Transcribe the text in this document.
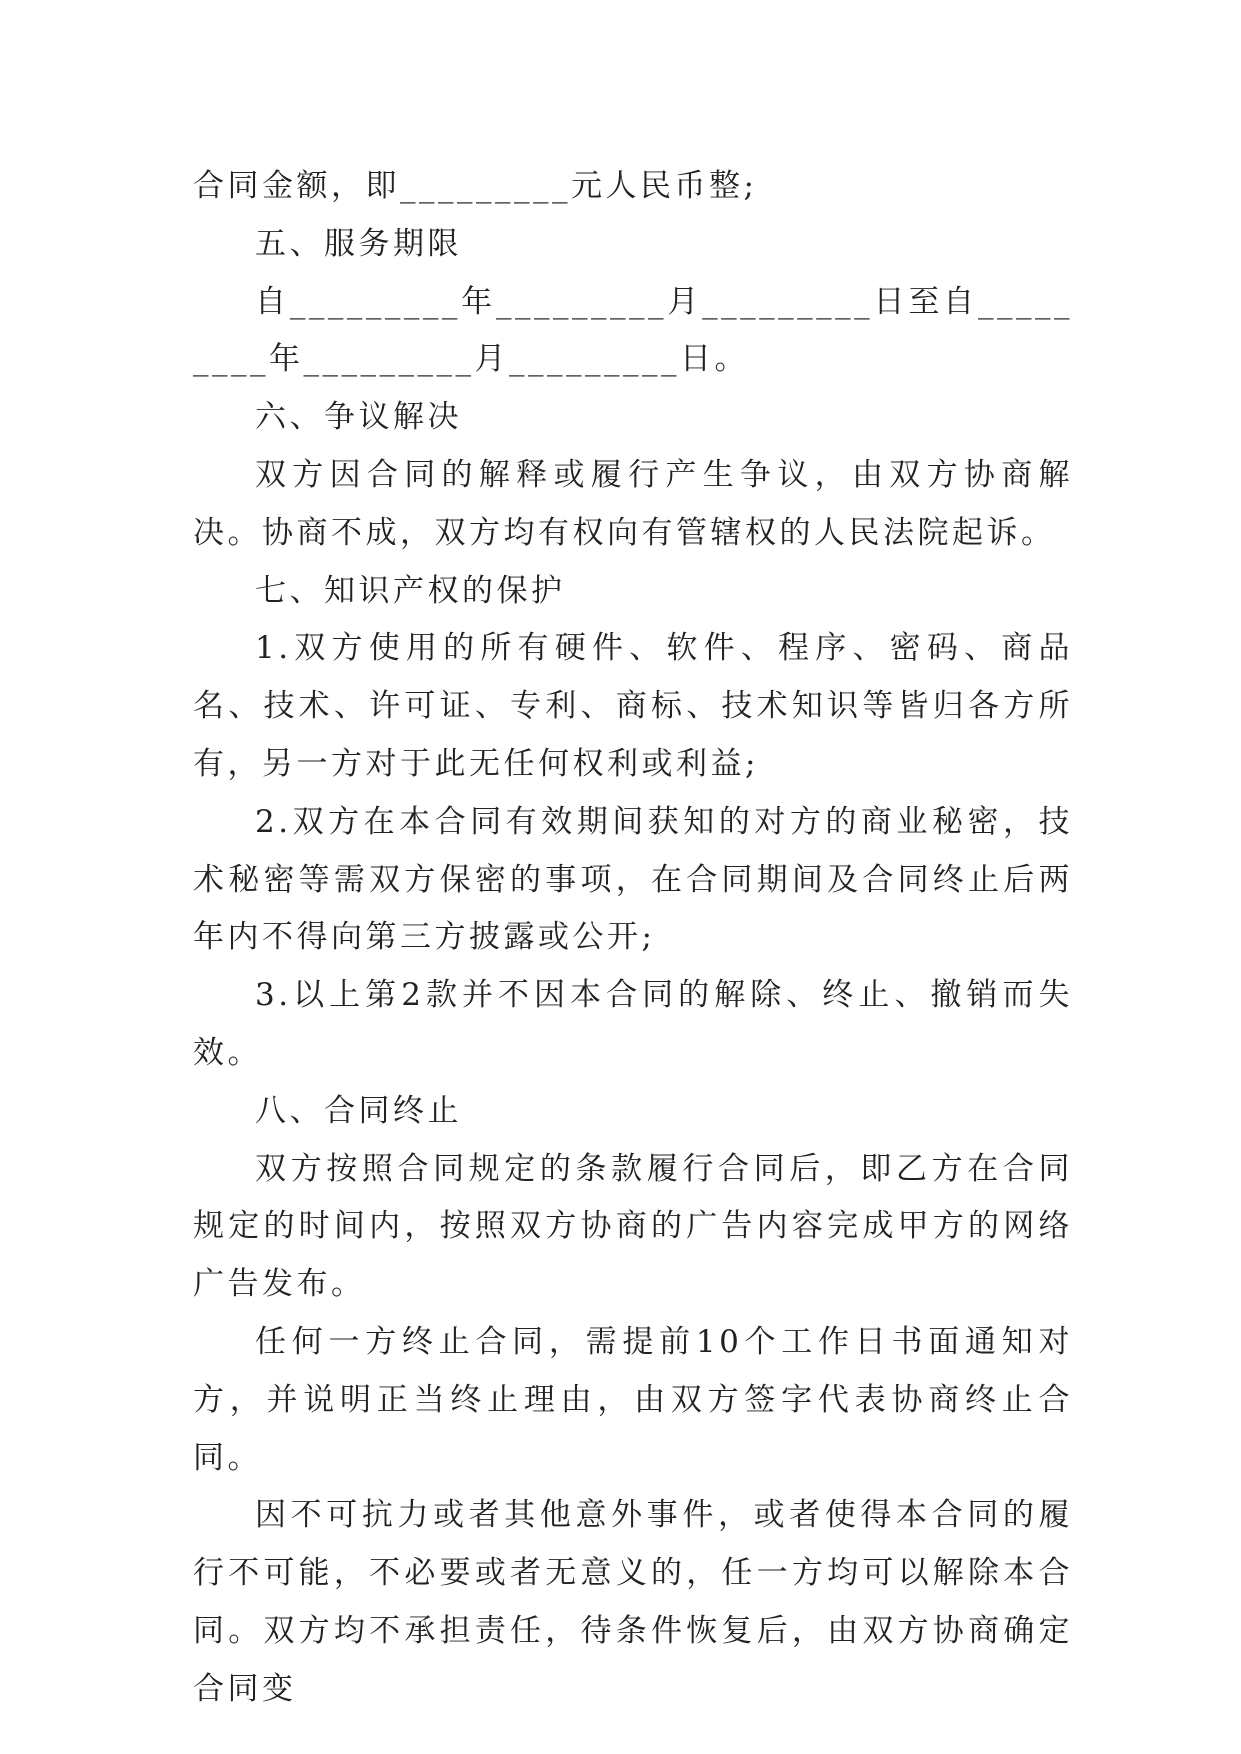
合同金额，即_________元人民币整;

五、服务期限

自_________年_________月_________日至自_________年_________月_________日。

六、争议解决

双方因合同的解释或履行产生争议，由双方协商解决。协商不成，双方均有权向有管辖权的人民法院起诉。

七、知识产权的保护

1.双方使用的所有硬件、软件、程序、密码、商品名、技术、许可证、专利、商标、技术知识等皆归各方所有，另一方对于此无任何权利或利益;

2.双方在本合同有效期间获知的对方的商业秘密，技术秘密等需双方保密的事项，在合同期间及合同终止后两年内不得向第三方披露或公开;

3.以上第2款并不因本合同的解除、终止、撤销而失效。

八、合同终止

双方按照合同规定的条款履行合同后，即乙方在合同规定的时间内，按照双方协商的广告内容完成甲方的网络广告发布。

任何一方终止合同，需提前10个工作日书面通知对方，并说明正当终止理由，由双方签字代表协商终止合同。

因不可抗力或者其他意外事件，或者使得本合同的履行不可能，不必要或者无意义的，任一方均可以解除本合同。双方均不承担责任，待条件恢复后，由双方协商确定合同变
